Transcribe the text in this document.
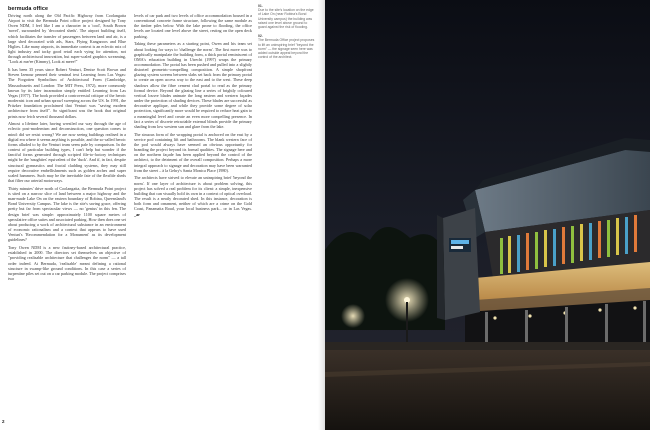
bermuda office

Driving north along the Old Pacific Highway from Coolangatta Airport to visit the Bermuda Point office project designed by Tony Owen NDM, I feel like I am a character in a 'cool', South Brown 'novel', surrounded by 'decorated sheds'. The airport building itself, which facilitates the transfer of passengers between land and air, is a large shed decorated with ads, Stars, Flying Kangaroos and Blue Higlies. Like many airports, its immediate context is an eclectic mix of light industry and tacky good retail each vying for attention, not through architectural innovation, but super-scaled graphics screaming, "Look at me/ee (Kimmy), Look at meee!"

It has been 35 years since Robert Venturi, Denise Scott Brown and Steven Izenour penned their seminal text Learning from Las Vegas: The Forgotten Symbolism of Architectural Form (Cambridge, Massachusetts and London: The MIT Press, 1972), more commonly known by its later incarnation simply entitled Learning from Las Vegas (1977). The book provided a controversial critique of the heroic modernist icon and urban sprawl sweeping across the US. In 1991, the Pritzker foundation proclaimed that Venturi was "saving modern architecture from itself". So significant was the book that original prints now fetch several thousand dollars.

Almost a lifetime later, having wrestled our way through the age of eclectic post-modernism and deconstruction, one question comes to mind: did we resist wrong? We are now seeing buildings realised in a digital era where it seems anything is possible, and the so-called heroic forms alluded to by the Venturi team seem pale by comparison. In the context of particular building types, I can't help but wonder if the fanciful forms generated through scripted file-to-factory techniques might be the 'naughties' equivalent of the 'duck'. And if, in fact, despite structural gymnastics and fractal cladding systems, they may still require decorative embellishments such as golden arches and super scaled hammers. Such may be the inevitable fate of the flexible sheds that filter our arterial motorways.

Thirty minutes' drive north of Coolangatta, the Bermuda Point project is sited on a narrow slice of land between a major highway and the man-made Lake On on the eastern boundary of Robina, Queensland's Bond University Campus. The lake is the site's saving grace, offering pretty but far from spectacular views — no 'genius' in this fen. The design brief was simple: approximately 1100 square metres of speculative office suites and associated parking. How then does one set about producing a work of architectural substance in an environment of economic rationalism and a context that appears to have used Venturi's 'Recommendation for a Monument' as its development guidelines?

Tony Owen NDM is a new fastiney-based architectural practice, established in 2000. The directors set themselves an objective of "providing realisable architecture that challenges the norm" — a tall order indeed. At Bermuda, 'realisable' meant defining a rational structure in swamp-like ground conditions. In this case a series of turpentine piles set out on a car parking module. The project comprises two

levels of car park and two levels of office accommodation housed in a conventional concrete frame structure, following the same module as the timber piles below. With the lake prone to flooding, the office levels are located one level above the street, resting on the open deck parking.

Taking these parameters as a starting point, Owen and his team set about looking for ways to 'challenge the norm'. The first move was to graphically manipulate the building form, a thick portal reminiscent of OMA's education building in Utrecht (1997) wraps the primary accommodation. The portal has been pushed and pulled into a slightly distorted geometric-compelling composition. A simple shopfront glazing system screens between slabs set back from the primary portal to create an open access way to the east and to the west. These deep shadows allow the fibre cement clad portal to read as the primary formal device. Beyond the glazing line a series of brightly coloured vertical louvre blades animate the long eastern and western façades under the protection of shading devices. These blades are successful as decorative applique, and while they provide some degree of solar protection, significantly more would be required to reduce heat gain to a meaningful level and create an even more compelling presence. In fact a series of discrete retractable external blinds provide the primary shading from low western sun and glare from the lake.

The sinuous form of the wrapping portal is anchored on the east by a service pod containing lift and bathrooms. The blank western face of the pod would always have seemed an obvious opportunity for branding the project beyond its formal qualities. The signage here and on the northern façade has been applied beyond the control of the architect, to the detriment of the overall composition. Perhaps a more integral approach to signage and decoration may have been warranted from the street – à la Gehry's Santa Monica Place (1980).

The architects have strived to elevate an uninspiring brief 'beyond the norm'. If one layer of architecture is about problem solving, this project has solved a real problem for its client: a simple, inexpensive building that can visually hold its own in a context of optical overload. The result is a neatly decorated shed. In this instance, decoration is both form and ornament, neither of which are a crime on the Gold Coast, Panamatta Road, your local business park... or in Las Vegas. _ar

01.
Due to the site's location on the edge of Lake On (near Robina's Bond University campus) the building was raised one level above ground to guard against the risk of flooding.
02.
The Bermuda Office project proposes to lift an uninspiring brief "beyond the norm" — the signage seen here was added outside appeal beyond the control of the architect.
2
